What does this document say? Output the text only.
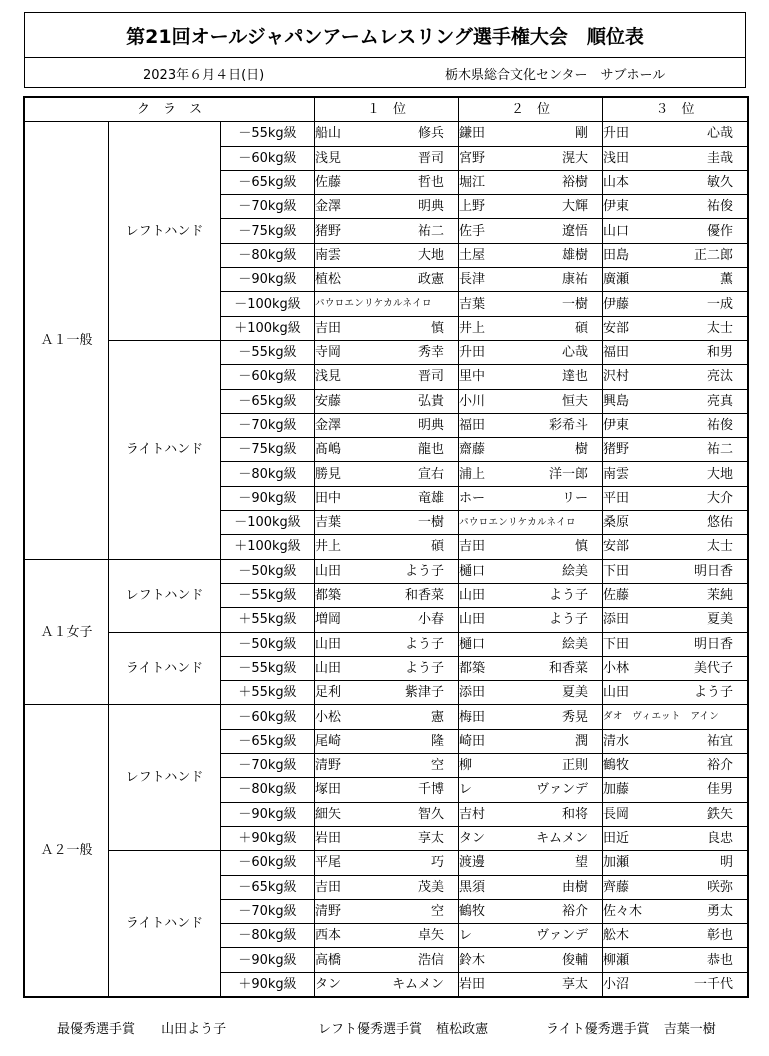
第21回オールジャパンアームレスリング選手権大会　順位表
2023年６月４日(日)	栃木県総合文化センター　サブホール
ク　ラ　ス			１　位	２　位	３　位
Ａ１一般	レフトハンド	－55kg級	船山 修兵	鎌田 剛	升田 心哉

		－60kg級	浅見 晋司	宮野 滉大	浅田 圭哉

		－65kg級	佐藤 哲也	堀江 裕樹	山本 敏久

		－70kg級	金澤 明典	上野 大輝	伊東 祐俊

		－75kg級	猪野 祐二	佐手 遼悟	山口 優作

		－80kg級	南雲 大地	土屋 雄樹	田島 正二郎

		－90kg級	植松 政憲	長津 康祐	廣瀬 薫

		－100kg級	パウロエンリケカルネイロ	吉葉 一樹	伊藤 一成

		＋100kg級	吉田 慎	井上 碩	安部 太士

	ライトハンド	－55kg級	寺岡 秀幸	升田 心哉	福田 和男

		－60kg級	浅見 晋司	里中 達也	沢村 亮汰

		－65kg級	安藤 弘貴	小川 恒夫	興島 亮真

		－70kg級	金澤 明典	福田 彩希斗	伊東 祐俊

		－75kg級	髙嶋 龍也	齋藤 樹	猪野 祐二

		－80kg級	勝見 宣右	浦上 洋一郎	南雲 大地

		－90kg級	田中 竜雄	ホー リー	平田 大介

		－100kg級	吉葉 一樹	パウロエンリケカルネイロ	桑原 悠佑

		＋100kg級	井上 碩	吉田 慎	安部 太士

Ａ１女子	レフトハンド	－50kg級	山田 よう子	樋口 絵美	下田 明日香

		－55kg級	都築 和香菜	山田 よう子	佐藤 茉純

		＋55kg級	増岡 小春	山田 よう子	添田 夏美

	ライトハンド	－50kg級	山田 よう子	樋口 絵美	下田 明日香

		－55kg級	山田 よう子	都築 和香菜	小林 美代子

		＋55kg級	足利 紫津子	添田 夏美	山田 よう子

Ａ２一般	レフトハンド	－60kg級	小松 憲	梅田 秀晃	ダオ　ヴィエット　アイン

		－65kg級	尾崎 隆	崎田 潤	清水 祐宜

		－70kg級	清野 空	柳 正則	鶴牧 裕介

		－80kg級	塚田 千博	レ ヴァンデ	加藤 佳男

		－90kg級	細矢 智久	吉村 和将	長岡 鉄矢

		＋90kg級	岩田 享太	タン キムメン	田近 良忠

	ライトハンド	－60kg級	平尾 巧	渡邊 望	加瀬 明

		－65kg級	吉田 茂美	黒須 由樹	齊藤 咲弥

		－70kg級	清野 空	鶴牧 裕介	佐々木 勇太

		－80kg級	西本 卓矢	レ ヴァンデ	舩木 彰也

		－90kg級	高橋 浩信	鈴木 俊輔	柳瀬 恭也

		＋90kg級	タン キムメン	岩田 享太	小沼 一千代
最優秀選手賞 山田よう子	レフト優秀選手賞 植松政憲	ライト優秀選手賞 吉葉一樹
